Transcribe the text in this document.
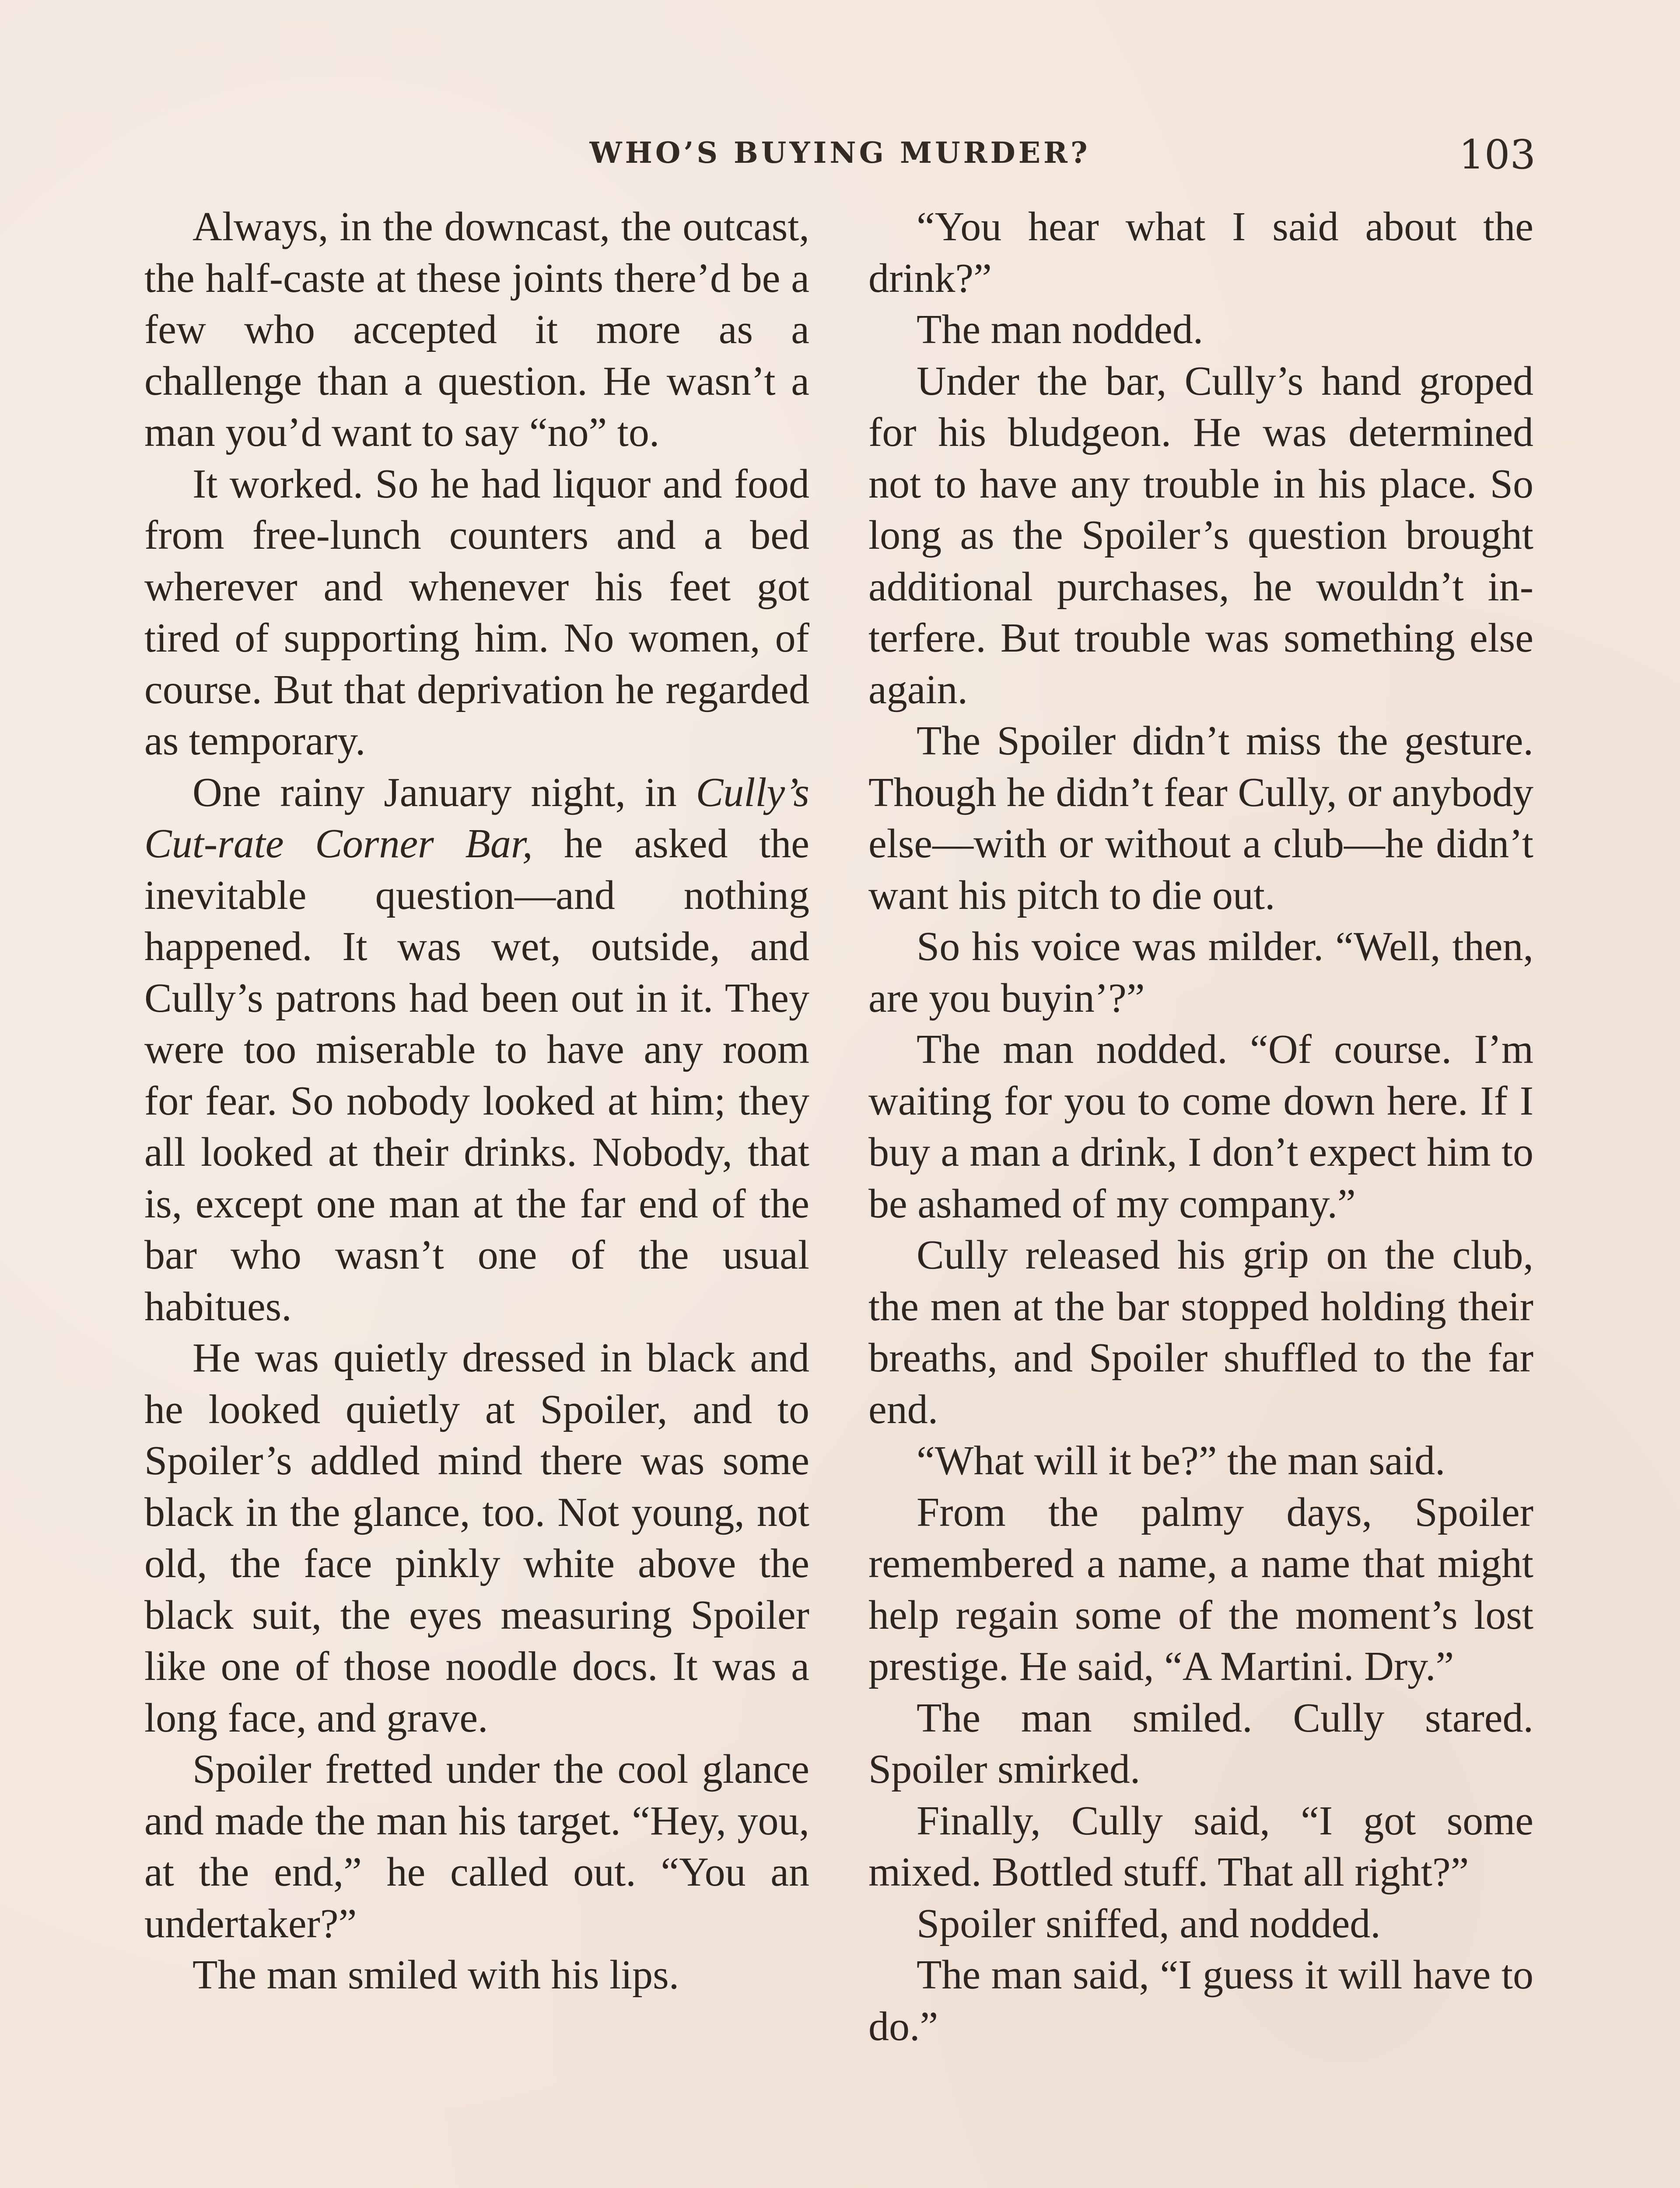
WHO’S BUYING MURDER?	103

Always, in the downcast, the outcast, the half-caste at these joints there’d be a few who accepted it more as a challenge than a question. He wasn’t a man you’d want to say “no” to.

It worked. So he had liquor and food from free-lunch counters and a bed wherever and whenever his feet got tired of supporting him. No women, of course. But that deprivation he regarded as temporary.

One rainy January night, in Cully’s Cut-rate Corner Bar, he asked the inevitable question—and nothing happened. It was wet, outside, and Cully’s patrons had been out in it. They were too miserable to have any room for fear. So nobody looked at him; they all looked at their drinks. Nobody, that is, except one man at the far end of the bar who wasn’t one of the usual habitues.

He was quietly dressed in black and he looked quietly at Spoiler, and to Spoiler’s addled mind there was some black in the glance, too. Not young, not old, the face pinkly white above the black suit, the eyes measuring Spoiler like one of those noodle docs. It was a long face, and grave.

Spoiler fretted under the cool glance and made the man his target. “Hey, you, at the end,” he called out. “You an undertaker?”

The man smiled with his lips.

“You hear what I said about the drink?”

The man nodded.

Under the bar, Cully’s hand groped for his bludgeon. He was determined not to have any trouble in his place. So long as the Spoiler’s question brought additional purchases, he wouldn’t interfere. But trouble was something else again.

The Spoiler didn’t miss the gesture. Though he didn’t fear Cully, or anybody else—with or without a club—he didn’t want his pitch to die out.

So his voice was milder. “Well, then, are you buyin’?”

The man nodded. “Of course. I’m waiting for you to come down here. If I buy a man a drink, I don’t expect him to be ashamed of my company.”

Cully released his grip on the club, the men at the bar stopped holding their breaths, and Spoiler shuffled to the far end.

“What will it be?” the man said.

From the palmy days, Spoiler remembered a name, a name that might help regain some of the moment’s lost prestige. He said, “A Martini. Dry.”

The man smiled. Cully stared. Spoiler smirked.

Finally, Cully said, “I got some mixed. Bottled stuff. That all right?”

Spoiler sniffed, and nodded.

The man said, “I guess it will have to do.”
